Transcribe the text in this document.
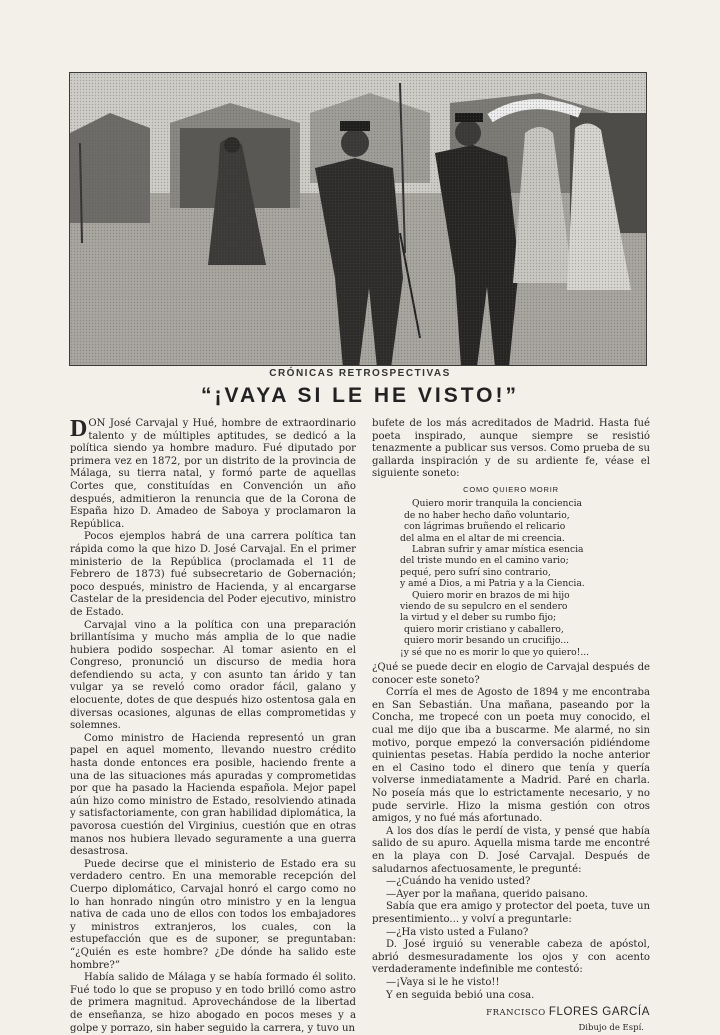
CRÓNICAS RETROSPECTIVAS
“¡VAYA SI LE HE VISTO!”

DON José Carvajal y Hué, hombre de extraordinario talento y de múltiples aptitudes, se dedicó a la política siendo ya hombre maduro. Fué diputado por primera vez en 1872, por un distrito de la provincia de Málaga, su tierra natal, y formó parte de aquellas Cortes que, constituídas en Convención un año después, admitieron la renuncia que de la Corona de España hizo D. Amadeo de Saboya y proclamaron la República.

Pocos ejemplos habrá de una carrera política tan rápida como la que hizo D. José Carvajal. En el primer ministerio de la República (proclamada el 11 de Febrero de 1873) fué subsecretario de Gobernación; poco después, ministro de Hacienda, y al encargarse Castelar de la presidencia del Poder ejecutivo, ministro de Estado.

Carvajal vino a la política con una preparación brillantísima y mucho más amplia de lo que nadie hubiera podido sospechar. Al tomar asiento en el Congreso, pronunció un discurso de media hora defendiendo su acta, y con asunto tan árido y tan vulgar ya se reveló como orador fácil, galano y elocuente, dotes de que después hizo ostentosa gala en diversas ocasiones, algunas de ellas comprometidas y solemnes.

Como ministro de Hacienda representó un gran papel en aquel momento, llevando nuestro crédito hasta donde entonces era posible, haciendo frente a una de las situaciones más apuradas y comprometidas por que ha pasado la Hacienda española. Mejor papel aún hizo como ministro de Estado, resolviendo atinada y satisfactoriamente, con gran habilidad diplomática, la pavorosa cuestión del Virginius, cuestión que en otras manos nos hubiera llevado seguramente a una guerra desastrosa.

Puede decirse que el ministerio de Estado era su verdadero centro. En una memorable recepción del Cuerpo diplomático, Carvajal honró el cargo como no lo han honrado ningún otro ministro y en la lengua nativa de cada uno de ellos con todos los embajadores y ministros extranjeros, los cuales, con la estupefacción que es de suponer, se preguntaban: “¿Quién es este hombre? ¿De dónde ha salido este hombre?”

Había salido de Málaga y se había formado él solito. Fué todo lo que se propuso y en todo brilló como astro de primera magnitud. Aprovechándose de la libertad de enseñanza, se hizo abogado en pocos meses y a golpe y porrazo, sin haber seguido la carrera, y tuvo un

bufete de los más acreditados de Madrid. Hasta fué poeta inspirado, aunque siempre se resistió tenazmente a publicar sus versos. Como prueba de su gallarda inspiración y de su ardiente fe, véase el siguiente soneto:

COMO QUIERO MORIR
Quiero morir tranquila la conciencia
de no haber hecho daño voluntario,
con lágrimas bruñendo el relicario
del alma en el altar de mi creencia.
Labran sufrir y amar mística esencia
del triste mundo en el camino vario;
pequé, pero sufrí sino contrario,
y amé a Dios, a mi Patria y a la Ciencia.
Quiero morir en brazos de mi hijo
viendo de su sepulcro en el sendero
la virtud y el deber su rumbo fijo;
quiero morir cristiano y caballero,
quiero morir besando un crucifijo...
¡y sé que no es morir lo que yo quiero!...

¿Qué se puede decir en elogio de Carvajal después de conocer este soneto?

Corría el mes de Agosto de 1894 y me encontraba en San Sebastián. Una mañana, paseando por la Concha, me tropecé con un poeta muy conocido, el cual me dijo que iba a buscarme. Me alarmé, no sin motivo, porque empezó la conversación pidiéndome quinientas pesetas. Había perdido la noche anterior en el Casino todo el dinero que tenía y quería volverse inmediatamente a Madrid. Paré en charla. No poseía más que lo estrictamente necesario, y no pude servirle. Hizo la misma gestión con otros amigos, y no fué más afortunado.

A los dos días le perdí de vista, y pensé que había salido de su apuro. Aquella misma tarde me encontré en la playa con D. José Carvajal. Después de saludarnos afectuosamente, le pregunté:

—¿Cuándo ha venido usted?

—Ayer por la mañana, querido paisano.

Sabía que era amigo y protector del poeta, tuve un presentimiento... y volví a preguntarle:

—¿Ha visto usted a Fulano?

D. José irguió su venerable cabeza de apóstol, abrió desmesuradamente los ojos y con acento verdaderamente indefinible me contestó:

—¡Vaya si le he visto!!

Y en seguida bebió una cosa.

FRANCISCO FLORES GARCÍA
Dibujo de Espí.
